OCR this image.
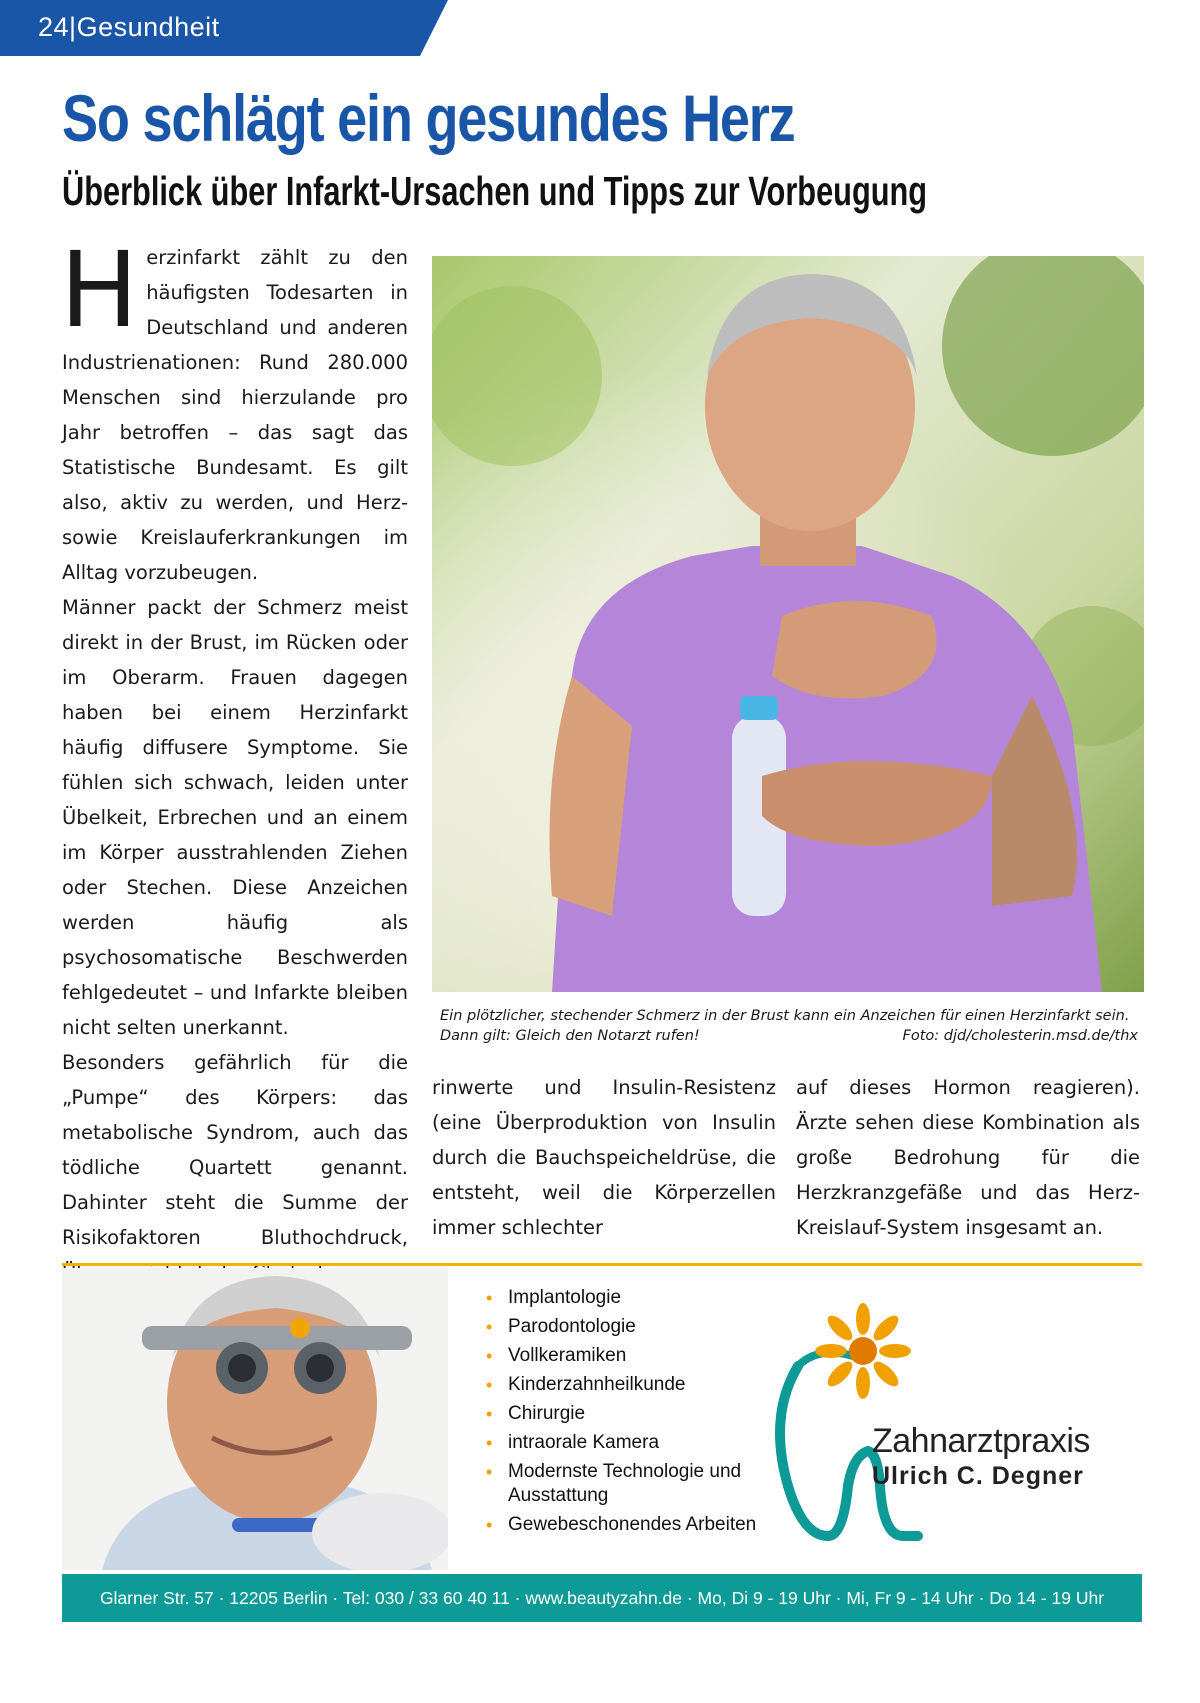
24|Gesundheit
So schlägt ein gesundes Herz
Überblick über Infarkt-Ursachen und Tipps zur Vorbeugung

Herzinfarkt zählt zu den häufigsten Todesarten in Deutschland und anderen Industrienationen: Rund 280.000 Menschen sind hierzulande pro Jahr betroffen – das sagt das Statistische Bundesamt. Es gilt also, aktiv zu werden, und Herz- sowie Kreislauferkrankungen im Alltag vorzubeugen.

Männer packt der Schmerz meist direkt in der Brust, im Rücken oder im Oberarm. Frauen dagegen haben bei einem Herzinfarkt häufig diffusere Symptome. Sie fühlen sich schwach, leiden unter Übelkeit, Erbrechen und an einem im Körper ausstrahlenden Ziehen oder Stechen. Diese Anzeichen werden häufig als psychosomatische Beschwerden fehlgedeutet – und Infarkte bleiben nicht selten unerkannt.

Besonders gefährlich für die „Pumpe“ des Körpers: das metabolische Syndrom, auch das tödliche Quartett genannt. Dahinter steht die Summe der Risikofaktoren Bluthochdruck,

Ein plötzlicher, stechender Schmerz in der Brust kann ein Anzeichen für einen Herzinfarkt sein. Dann gilt: Gleich den Notarzt rufen!	Foto: djd/cholesterin.msd.de/thx

rinwerte und Insulin-Resistenz (eine Überproduktion von Insulin durch die Bauchspeicheldrüse, die entsteht, weil die Körperzellen immer schlechter

auf dieses Hormon reagieren). Ärzte sehen diese Kombination als große Bedrohung für die Herzkranzgefäße und das Herz-Kreislauf-System insgesamt an.

• Implantologie
• Parodontologie
• Vollkeramiken
• Kinderzahnheilkunde
• Chirurgie
• intraorale Kamera
• Modernste Technologie und Ausstattung
• Gewebeschonendes Arbeiten
Zahnarztpraxis
Ulrich C. Degner
Glarner Str. 57 · 12205 Berlin · Tel: 030 / 33 60 40 11 · www.beautyzahn.de · Mo, Di 9 - 19 Uhr · Mi, Fr 9 - 14 Uhr · Do 14 - 19 Uhr
